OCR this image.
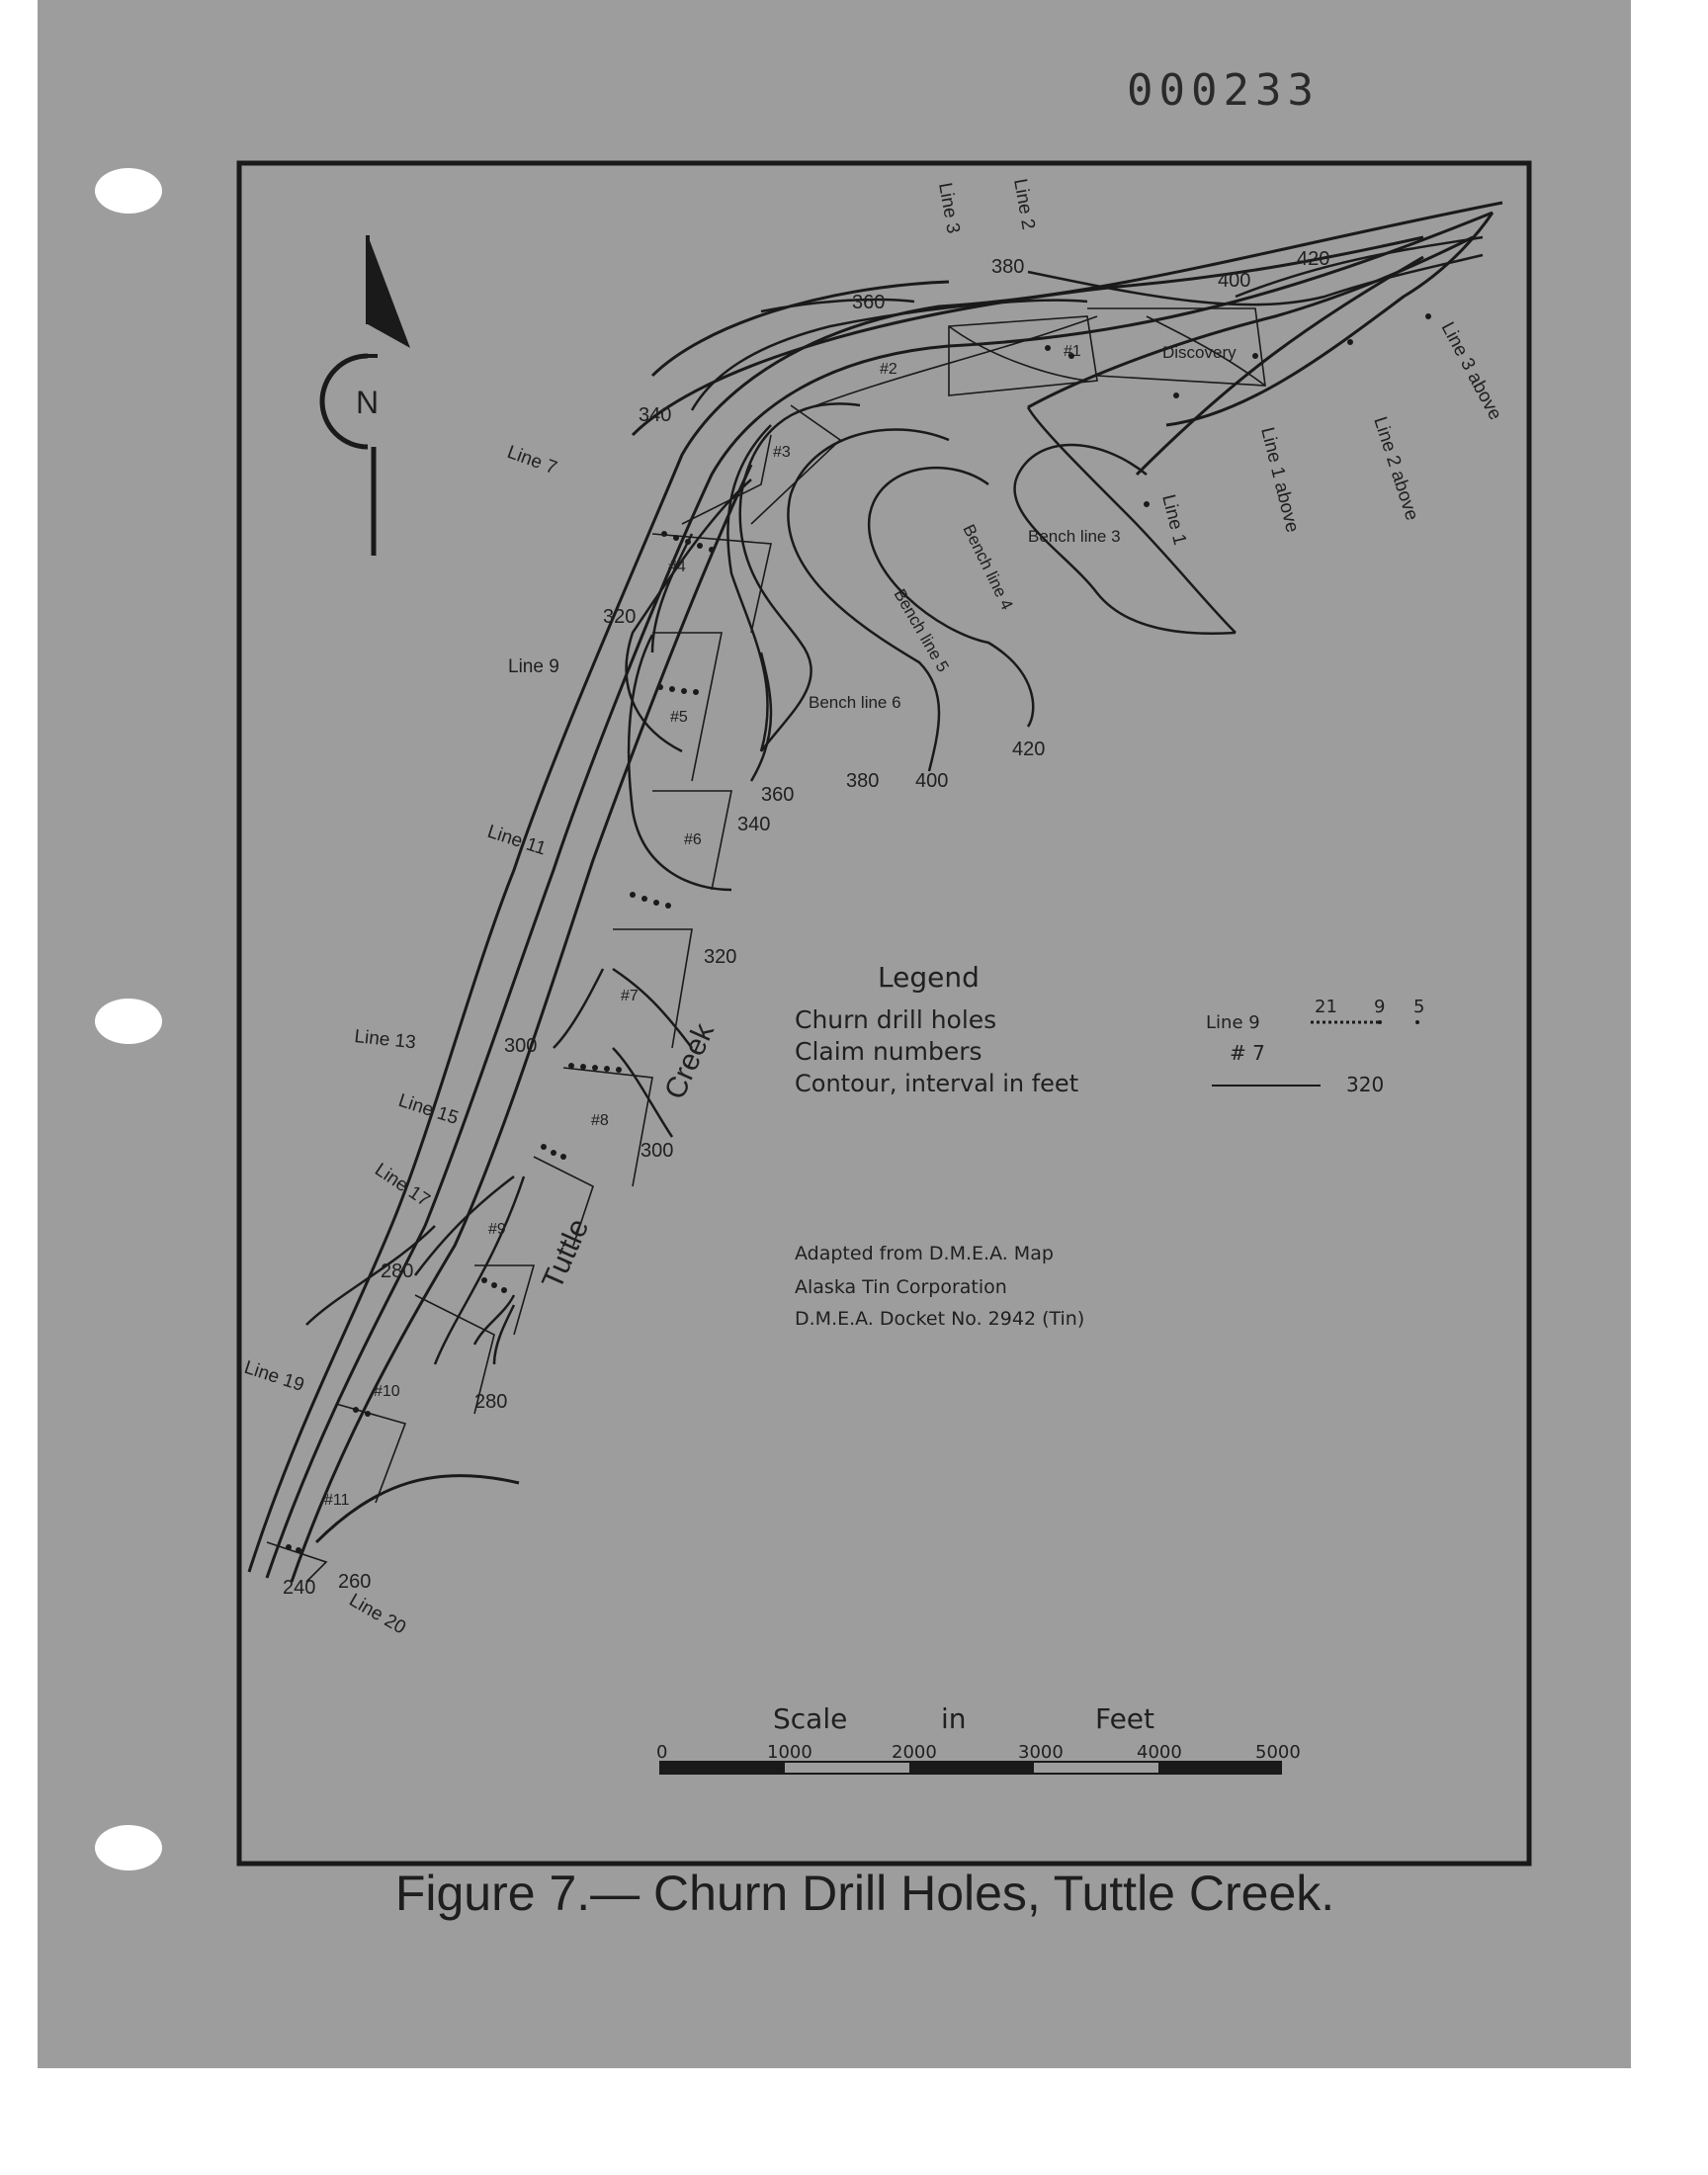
000233
N
420
400
380
360
340
320
420
400
380
360
340
320
300
300
280
280
260
240
#1
#2
#3
#4
#5
#6
#7
#8
#9
#10
#11
Line 2
Line 3
Line 7
Line 9
Line 11
Line 13
Line 15
Line 17
Line 19
Line 20
Line 1	Line 1 above	Line 2 above
Line 3 above
Bench line 3
Bench line 4
Bench line 5
Bench line 6
Discovery
Tuttle
Creek
Legend
Churn drill holes	Line 9
21 9 5
Claim numbers	# 7
Contour, interval in feet	320
Adapted from D.M.E.A. Map
Alaska Tin Corporation
D.M.E.A. Docket No. 2942 (Tin)
Scale	in	Feet
0	1000	2000	3000	4000	5000
Figure 7.— Churn Drill Holes, Tuttle Creek.
